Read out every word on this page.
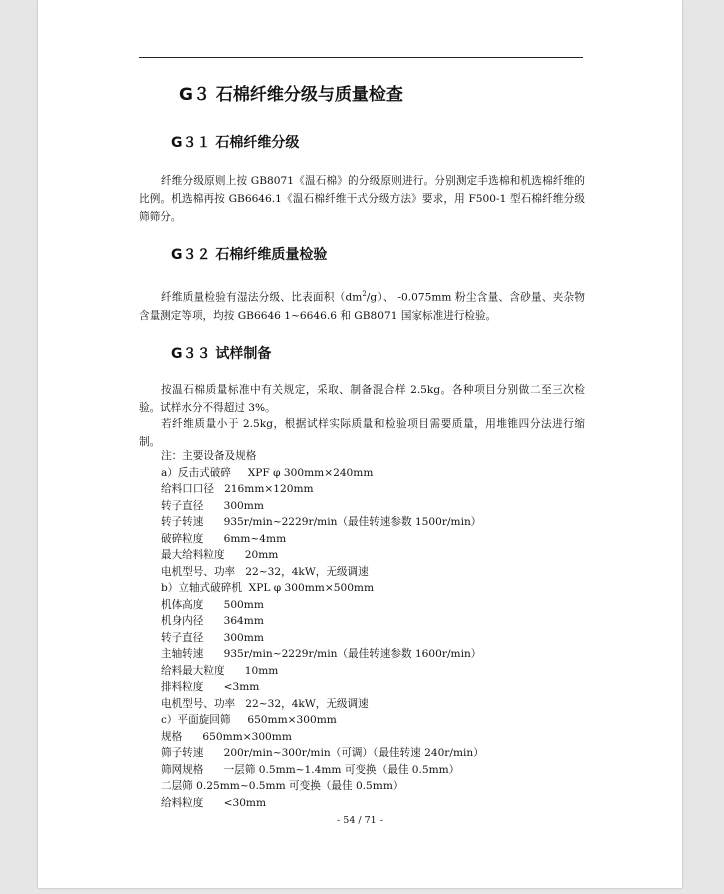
G３ 石棉纤维分级与质量检查
G３１ 石棉纤维分级
纤维分级原则上按 GB8071《温石棉》的分级原则进行。分别测定手选棉和机选棉纤维的比例。机选棉再按 GB6646.1《温石棉纤维干式分级方法》要求，用 F500-1 型石棉纤维分级筛筛分。
G３２ 石棉纤维质量检验
纤维质量检验有湿法分级、比表面积$(dm^2/g)$、 -0.075mm 粉尘含量、含砂量、夹杂物含量测定等项，均按 GB6646 1~6646.6 和 GB8071 国家标准进行检验。
G３３ 试样制备
按温石棉质量标准中有关规定，采取、制备混合样 2.5kg。各种项目分别做二至三次检验。试样水分不得超过 3%。
若纤维质量小于 2.5kg，根据试样实际质量和检验项目需要质量，用堆锥四分法进行缩制。
注：主要设备及规格
a）反击式破碎     XPF φ 300mm×240mm
给料口口径   216mm×120mm
转子直径      300mm
转子转速      935r/min~2229r/min（最佳转速参数 1500r/min）
破碎粒度      6mm~4mm
最大给料粒度      20mm
电机型号、功率   22~32，4kW，无级调速
b）立轴式破碎机  XPL φ 300mm×500mm
机体高度      500mm
机身内径      364mm
转子直径      300mm
主轴转速      935r/min~2229r/min（最佳转速参数 1600r/min）
给料最大粒度      10mm
排料粒度      <3mm
电机型号、功率   22~32，4kW，无级调速
c）平面旋回筛     650mm×300mm
规格      650mm×300mm
筛子转速      200r/min~300r/min（可调）（最佳转速 240r/min）
筛网规格      一层筛 0.5mm~1.4mm 可变换（最佳 0.5mm）
二层筛 0.25mm~0.5mm 可变换（最佳 0.5mm）
给料粒度      <30mm
- 54 / 71 -
